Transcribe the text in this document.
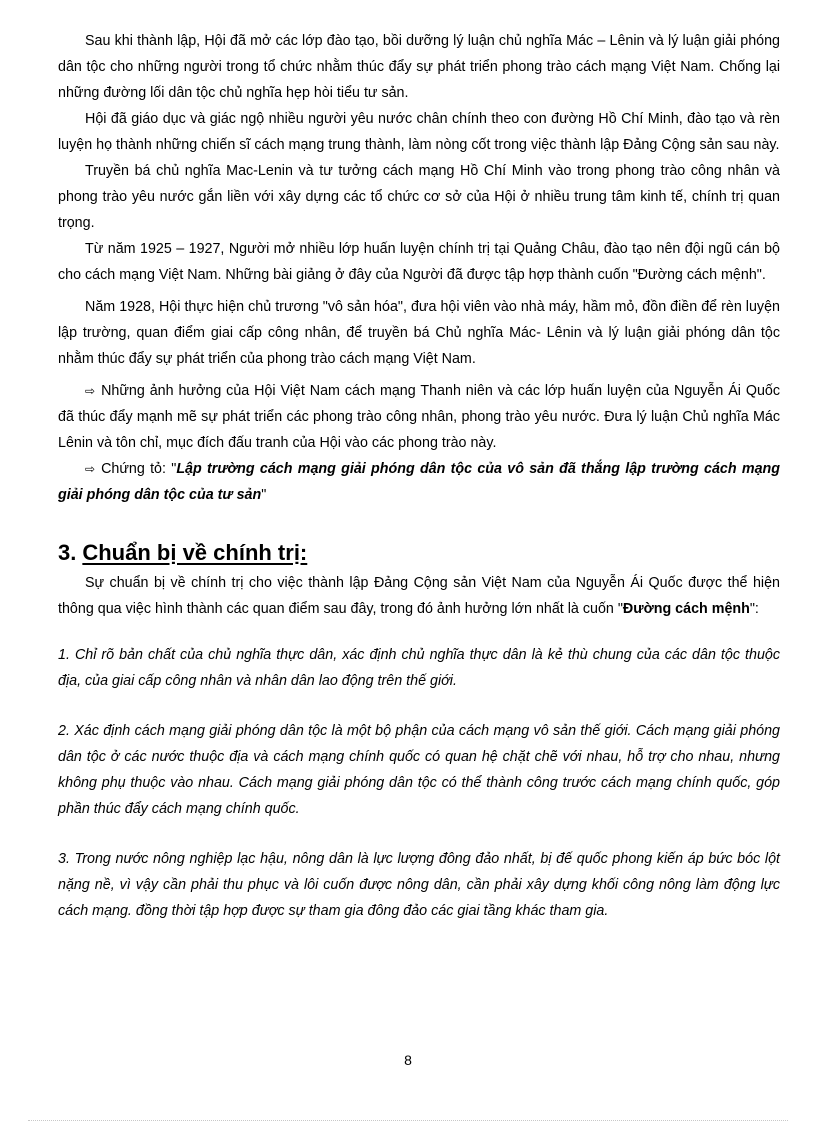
Sau khi thành lập, Hội đã mở các lớp đào tạo, bồi dưỡng lý luận chủ nghĩa Mác – Lênin và lý luận giải phóng dân tộc cho những người trong tổ chức nhằm thúc đẩy sự phát triển phong trào cách mạng Việt Nam. Chống lại những đường lối dân tộc chủ nghĩa hẹp hòi tiểu tư sản.

Hội đã giáo dục và giác ngộ nhiều người yêu nước chân chính theo con đường Hồ Chí Minh, đào tạo và rèn luyện họ thành những chiến sĩ cách mạng trung thành, làm nòng cốt trong việc thành lập Đảng Cộng sản sau này.

Truyền bá chủ nghĩa Mac-Lenin và tư tưởng cách mạng Hồ Chí Minh vào trong phong trào công nhân và phong trào yêu nước gắn liền với xây dựng các tổ chức cơ sở của Hội ở nhiều trung tâm kinh tế, chính trị quan trọng.

Từ năm 1925 – 1927, Người mở nhiều lớp huấn luyện chính trị tại Quảng Châu, đào tạo nên đội ngũ cán bộ cho cách mạng Việt Nam. Những bài giảng ở đây của Người đã được tập hợp thành cuốn "Đường cách mệnh".

Năm 1928, Hội thực hiện chủ trương "vô sản hóa", đưa hội viên vào nhà máy, hầm mỏ, đồn điền để rèn luyện lập trường, quan điểm giai cấp công nhân, để truyền bá Chủ nghĩa Mác- Lênin và lý luận giải phóng dân tộc nhằm thúc đẩy sự phát triển của phong trào cách mạng Việt Nam.

⇨ Những ảnh hưởng của Hội Việt Nam cách mạng Thanh niên và các lớp huấn luyện của Nguyễn Ái Quốc đã thúc đẩy mạnh mẽ sự phát triển các phong trào công nhân, phong trào yêu nước. Đưa lý luận Chủ nghĩa Mác Lênin và tôn chỉ, mục đích đấu tranh của Hội vào các phong trào này.

⇨ Chứng tỏ: "Lập trường cách mạng giải phóng dân tộc của vô sản đã thắng lập trường cách mạng giải phóng dân tộc của tư sản"

3. Chuẩn bị về chính trị:

Sự chuẩn bị về chính trị cho việc thành lập Đảng Cộng sản Việt Nam của Nguyễn Ái Quốc được thể hiện thông qua việc hình thành các quan điểm sau đây, trong đó ảnh hưởng lớn nhất là cuốn "Đường cách mệnh":

1. Chỉ rõ bản chất của chủ nghĩa thực dân, xác định chủ nghĩa thực dân là kẻ thù chung của các dân tộc thuộc địa, của giai cấp công nhân và nhân dân lao động trên thế giới.

2. Xác định cách mạng giải phóng dân tộc là một bộ phận của cách mạng vô sản thế giới. Cách mạng giải phóng dân tộc ở các nước thuộc địa và cách mạng chính quốc có quan hệ chặt chẽ với nhau, hỗ trợ cho nhau, nhưng không phụ thuộc vào nhau. Cách mạng giải phóng dân tộc có thể thành công trước cách mạng chính quốc, góp phần thúc đẩy cách mạng chính quốc.

3. Trong nước nông nghiệp lạc hậu, nông dân là lực lượng đông đảo nhất, bị đế quốc phong kiến áp bức bóc lột nặng nề, vì vậy cần phải thu phục và lôi cuốn được nông dân, cần phải xây dựng khối công nông làm động lực cách mạng. đồng thời tập hợp được sự tham gia đông đảo các giai tầng khác tham gia.

8
